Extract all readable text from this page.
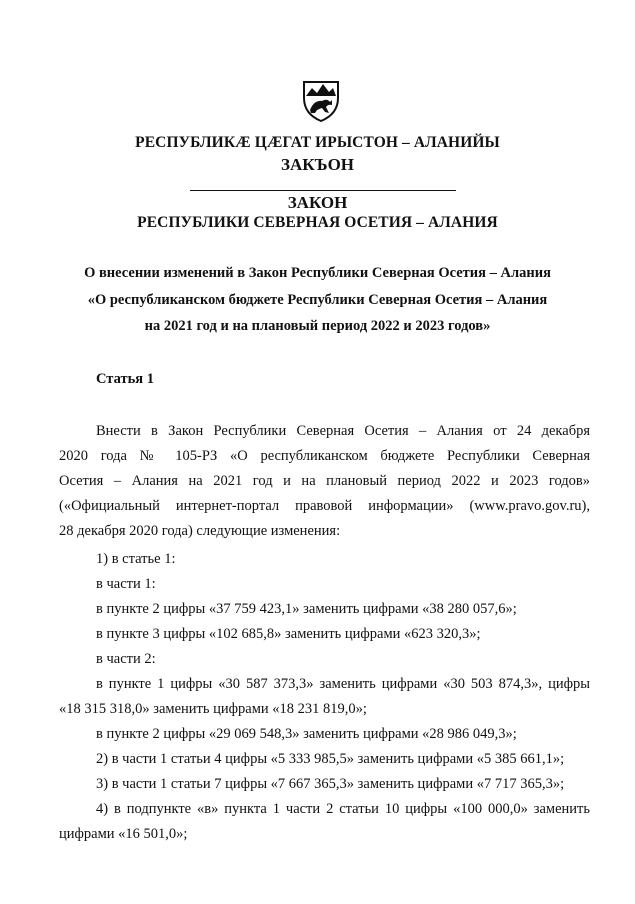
РЕСПУБЛИКӔ ЦӔГАТ ИРЫСТОН – АЛАНИЙЫ
ЗАКЪОН
ЗАКОН
РЕСПУБЛИКИ СЕВЕРНАЯ ОСЕТИЯ – АЛАНИЯ
О внесении изменений в Закон Республики Северная Осетия – Алания
«О республиканском бюджете Республики Северная Осетия – Алания
на 2021 год и на плановый период 2022 и 2023 годов»
Статья 1
Внести в Закон Республики Северная Осетия – Алания от 24 декабря
2020 года № 105-РЗ «О республиканском бюджете Республики Северная
Осетия – Алания на 2021 год и на плановый период 2022 и 2023 годов»
(«Официальный интернет-портал правовой информации» (www.pravo.gov.ru),
28 декабря 2020 года) следующие изменения:
1) в статье 1:
в части 1:
в пункте 2 цифры «37 759 423,1» заменить цифрами «38 280 057,6»;
в пункте 3 цифры «102 685,8» заменить цифрами «623 320,3»;
в части 2:
в пункте 1 цифры «30 587 373,3» заменить цифрами «30 503 874,3», цифры
«18 315 318,0» заменить цифрами «18 231 819,0»;
в пункте 2 цифры «29 069 548,3» заменить цифрами «28 986 049,3»;
2) в части 1 статьи 4 цифры «5 333 985,5» заменить цифрами «5 385 661,1»;
3) в части 1 статьи 7 цифры «7 667 365,3» заменить цифрами «7 717 365,3»;
4) в подпункте «в» пункта 1 части 2 статьи 10 цифры «100 000,0» заменить
цифрами «16 501,0»;
